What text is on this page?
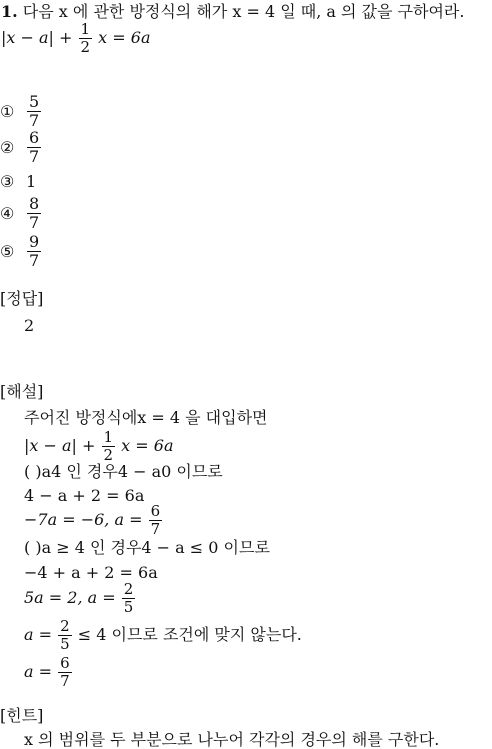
1. 다음 x 에 관한 방정식의 해가 x = 4 일 때, a 의 값을 구하여라.
$|x - a| + \frac{1}{2}$ x = 6a
① $\frac{5}{7}$
② $\frac{6}{7}$
③ 1
④ $\frac{8}{7}$
⑤ $\frac{9}{7}$
[정답]
2
[해설]
주어진 방정식에x = 4 을 대입하면
$|x - a| + \frac{1}{2}$ x = 6a
( )a4 인 경우4 − a0 이므로
4 − a + 2 = 6a
−7a = −6, $a = \frac{6}{7}$
( )a ≥ 4 인 경우4 − a ≤ 0 이므로
−4 + a + 2 = 6a
5a = 2, $a = \frac{2}{5}$
$a = \frac{2}{5} \le 4$ 이므로 조건에 맞지 않는다.
$a = \frac{6}{7}$
[힌트]
x 의 범위를 두 부분으로 나누어 각각의 경우의 해를 구한다.
